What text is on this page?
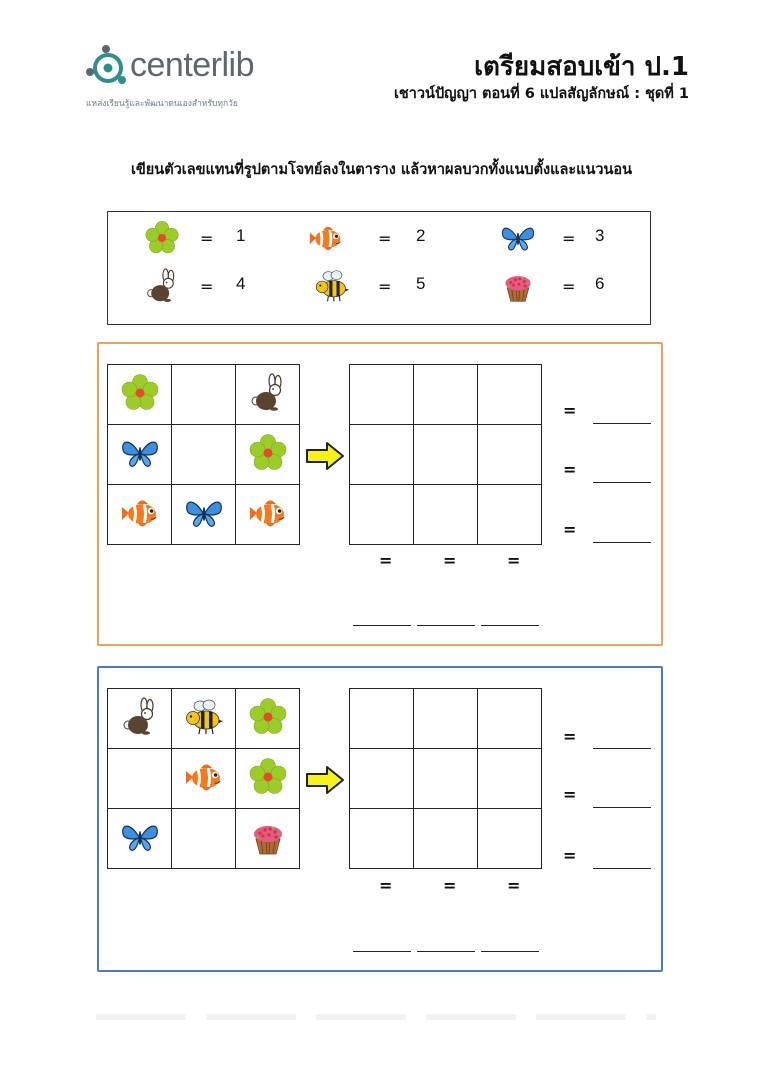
centerlib
แหล่งเรียนรู้และพัฒนาตนเองสำหรับทุกวัย
เตรียมสอบเข้า ป.1
เชาวน์ปัญญา ตอนที่ 6 แปลสัญลักษณ์ : ชุดที่ 1
เขียนตัวเลขแทนที่รูปตามโจทย์ลงในตาราง แล้วหาผลบวกทั้งแนบตั้งและแนวนอน
= 1	= 2	= 3
= 4	= 5	= 6

=
=
=
=	=	=

=
=
=
=	=	=
